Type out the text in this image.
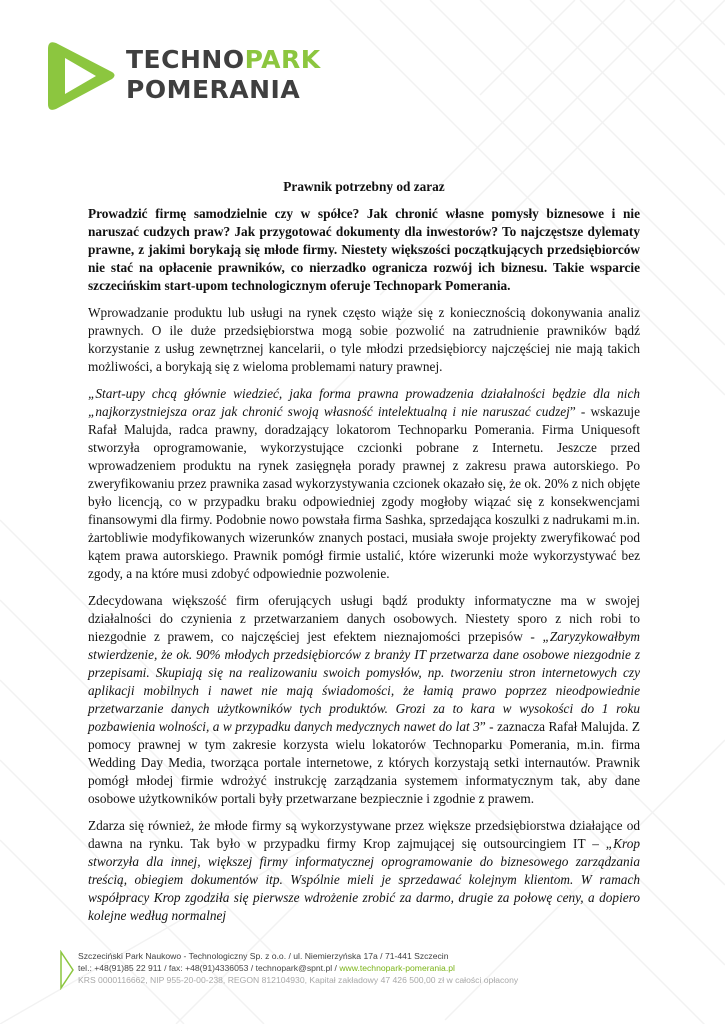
TECHNOPARK
POMERANIA
Prawnik potrzebny od zaraz

Prowadzić firmę samodzielnie czy w spółce? Jak chronić własne pomysły biznesowe i nie naruszać cudzych praw? Jak przygotować dokumenty dla inwestorów? To najczęstsze dylematy prawne, z jakimi borykają się młode firmy. Niestety większości początkujących przedsiębiorców nie stać na opłacenie prawników, co nierzadko ogranicza rozwój ich biznesu. Takie wsparcie szczecińskim start-upom technologicznym oferuje Technopark Pomerania.

Wprowadzanie produktu lub usługi na rynek często wiąże się z koniecznością dokonywania analiz prawnych. O ile duże przedsiębiorstwa mogą sobie pozwolić na zatrudnienie prawników bądź korzystanie z usług zewnętrznej kancelarii, o tyle młodzi przedsiębiorcy najczęściej nie mają takich możliwości, a borykają się z wieloma problemami natury prawnej.

„Start-upy chcą głównie wiedzieć, jaka forma prawna prowadzenia działalności będzie dla nich „najkorzystniejsza oraz jak chronić swoją własność intelektualną i nie naruszać cudzej” - wskazuje Rafał Malujda, radca prawny, doradzający lokatorom Technoparku Pomerania. Firma Uniquesoft stworzyła oprogramowanie, wykorzystujące czcionki pobrane z Internetu. Jeszcze przed wprowadzeniem produktu na rynek zasięgnęła porady prawnej z zakresu prawa autorskiego. Po zweryfikowaniu przez prawnika zasad wykorzystywania czcionek okazało się, że ok. 20% z nich objęte było licencją, co w przypadku braku odpowiedniej zgody mogłoby wiązać się z konsekwencjami finansowymi dla firmy. Podobnie nowo powstała firma Sashka, sprzedająca koszulki z nadrukami m.in. żartobliwie modyfikowanych wizerunków znanych postaci, musiała swoje projekty zweryfikować pod kątem prawa autorskiego. Prawnik pomógł firmie ustalić, które wizerunki może wykorzystywać bez zgody, a na które musi zdobyć odpowiednie pozwolenie.

Zdecydowana większość firm oferujących usługi bądź produkty informatyczne ma w swojej działalności do czynienia z przetwarzaniem danych osobowych. Niestety sporo z nich robi to niezgodnie z prawem, co najczęściej jest efektem nieznajomości przepisów - „Zaryzykowałbym stwierdzenie, że ok. 90% młodych przedsiębiorców z branży IT przetwarza dane osobowe niezgodnie z przepisami. Skupiają się na realizowaniu swoich pomysłów, np. tworzeniu stron internetowych czy aplikacji mobilnych i nawet nie mają świadomości, że łamią prawo poprzez nieodpowiednie przetwarzanie danych użytkowników tych produktów. Grozi za to kara w wysokości do 1 roku pozbawienia wolności, a w przypadku danych medycznych nawet do lat 3” - zaznacza Rafał Malujda. Z pomocy prawnej w tym zakresie korzysta wielu lokatorów Technoparku Pomerania, m.in. firma Wedding Day Media, tworząca portale internetowe, z których korzystają setki internautów. Prawnik pomógł młodej firmie wdrożyć instrukcję zarządzania systemem informatycznym tak, aby dane osobowe użytkowników portali były przetwarzane bezpiecznie i zgodnie z prawem.

Zdarza się również, że młode firmy są wykorzystywane przez większe przedsiębiorstwa działające od dawna na rynku. Tak było w przypadku firmy Krop zajmującej się outsourcingiem IT – „Krop stworzyła dla innej, większej firmy informatycznej oprogramowanie do biznesowego zarządzania treścią, obiegiem dokumentów itp. Wspólnie mieli je sprzedawać kolejnym klientom. W ramach współpracy Krop zgodziła się pierwsze wdrożenie zrobić za darmo, drugie za połowę ceny, a dopiero kolejne według normalnej

Szczeciński Park Naukowo - Technologiczny Sp. z o.o. / ul. Niemierzyńska 17a / 71-441 Szczecin
tel.: +48(91)85 22 911 / fax: +48(91)4336053 / technopark@spnt.pl / www.technopark-pomerania.pl
KRS 0000116662, NIP 955-20-00-238, REGON 812104930, Kapitał zakładowy 47 426 500,00 zł w całości opłacony
